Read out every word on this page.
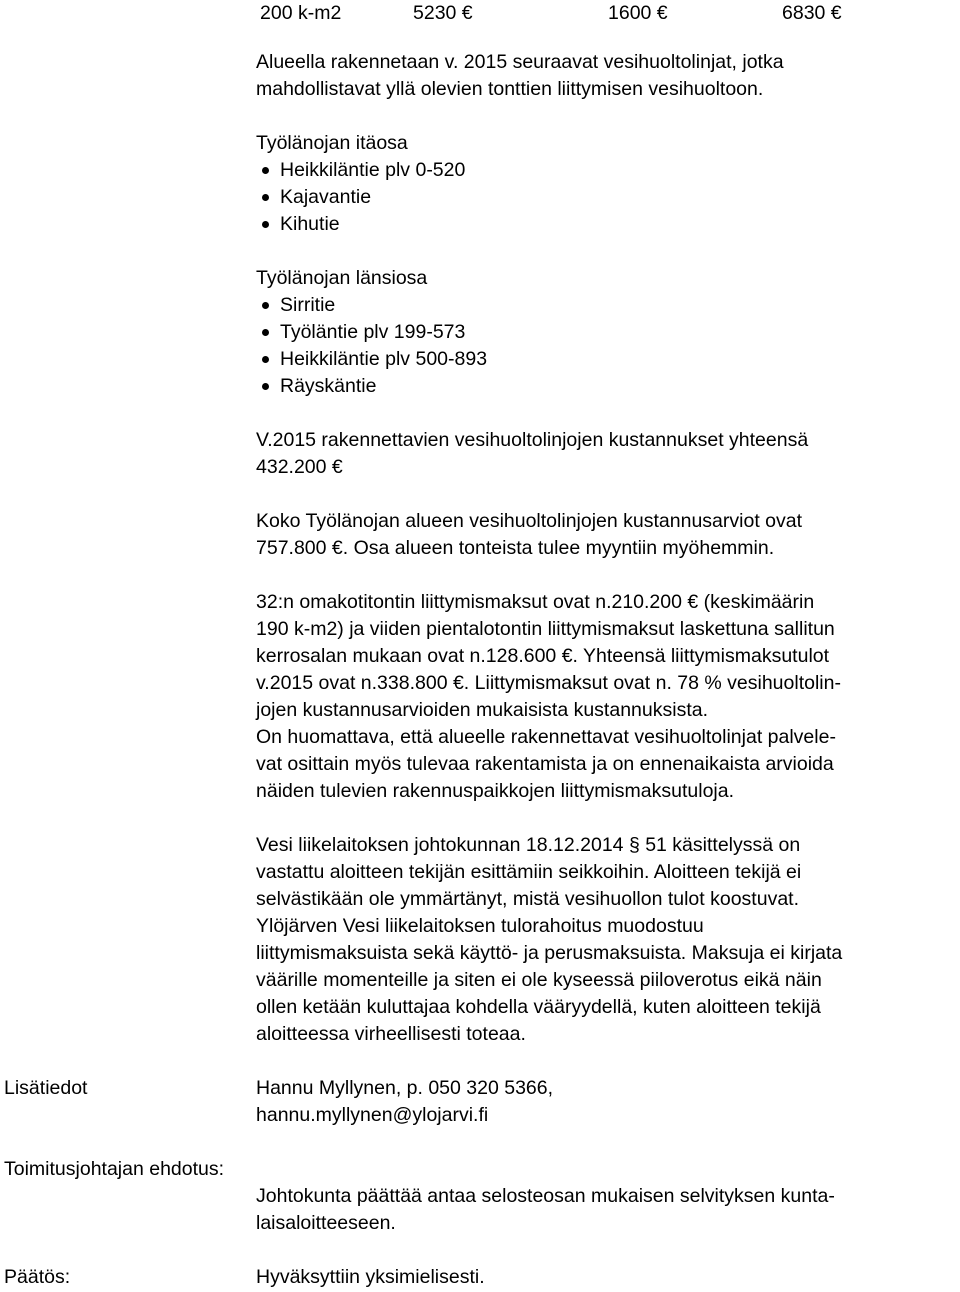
200 k-m2	5230 €	1600 €	6830 €
Alueella rakennetaan v. 2015 seuraavat vesihuoltolinjat, jotka
mahdollistavat yllä olevien tonttien liittymisen vesihuoltoon.
Työlänojan itäosa
Heikkiläntie plv 0-520
Kajavantie
Kihutie
Työlänojan länsiosa
Sirritie
Työläntie plv 199-573
Heikkiläntie plv 500-893
Räyskäntie
V.2015 rakennettavien vesihuoltolinjojen kustannukset yhteensä
432.200 €
Koko Työlänojan alueen vesihuoltolinjojen kustannusarviot ovat
757.800 €. Osa alueen tonteista tulee myyntiin myöhemmin.
32:n omakotitontin liittymismaksut ovat n.210.200 € (keskimäärin
190 k-m2) ja viiden pientalotontin liittymismaksut laskettuna sallitun
kerrosalan mukaan ovat n.128.600 €. Yhteensä liittymismaksutulot
v.2015 ovat n.338.800 €. Liittymismaksut ovat n. 78 % vesihuoltolin-
jojen kustannusarvioiden mukaisista kustannuksista.
On huomattava, että alueelle rakennettavat vesihuoltolinjat palvele-
vat osittain myös tulevaa rakentamista ja on ennenaikaista arvioida
näiden tulevien rakennuspaikkojen liittymismaksutuloja.
Vesi liikelaitoksen johtokunnan 18.12.2014 § 51 käsittelyssä on
vastattu aloitteen tekijän esittämiin seikkoihin. Aloitteen tekijä ei
selvästikään ole ymmärtänyt, mistä vesihuollon tulot koostuvat.
Ylöjärven Vesi liikelaitoksen tulorahoitus muodostuu
liittymismaksuista sekä käyttö- ja perusmaksuista. Maksuja ei kirjata
väärille momenteille ja siten ei ole kyseessä piiloverotus eikä näin
ollen ketään kuluttajaa kohdella vääryydellä, kuten aloitteen tekijä
aloitteessa virheellisesti toteaa.
Lisätiedot	Hannu Myllynen, p. 050 320 5366,
hannu.myllynen@ylojarvi.fi
Toimitusjohtajan ehdotus:
Johtokunta päättää antaa selosteosan mukaisen selvityksen kunta-
laisaloitteeseen.
Päätös:	Hyväksyttiin yksimielisesti.
